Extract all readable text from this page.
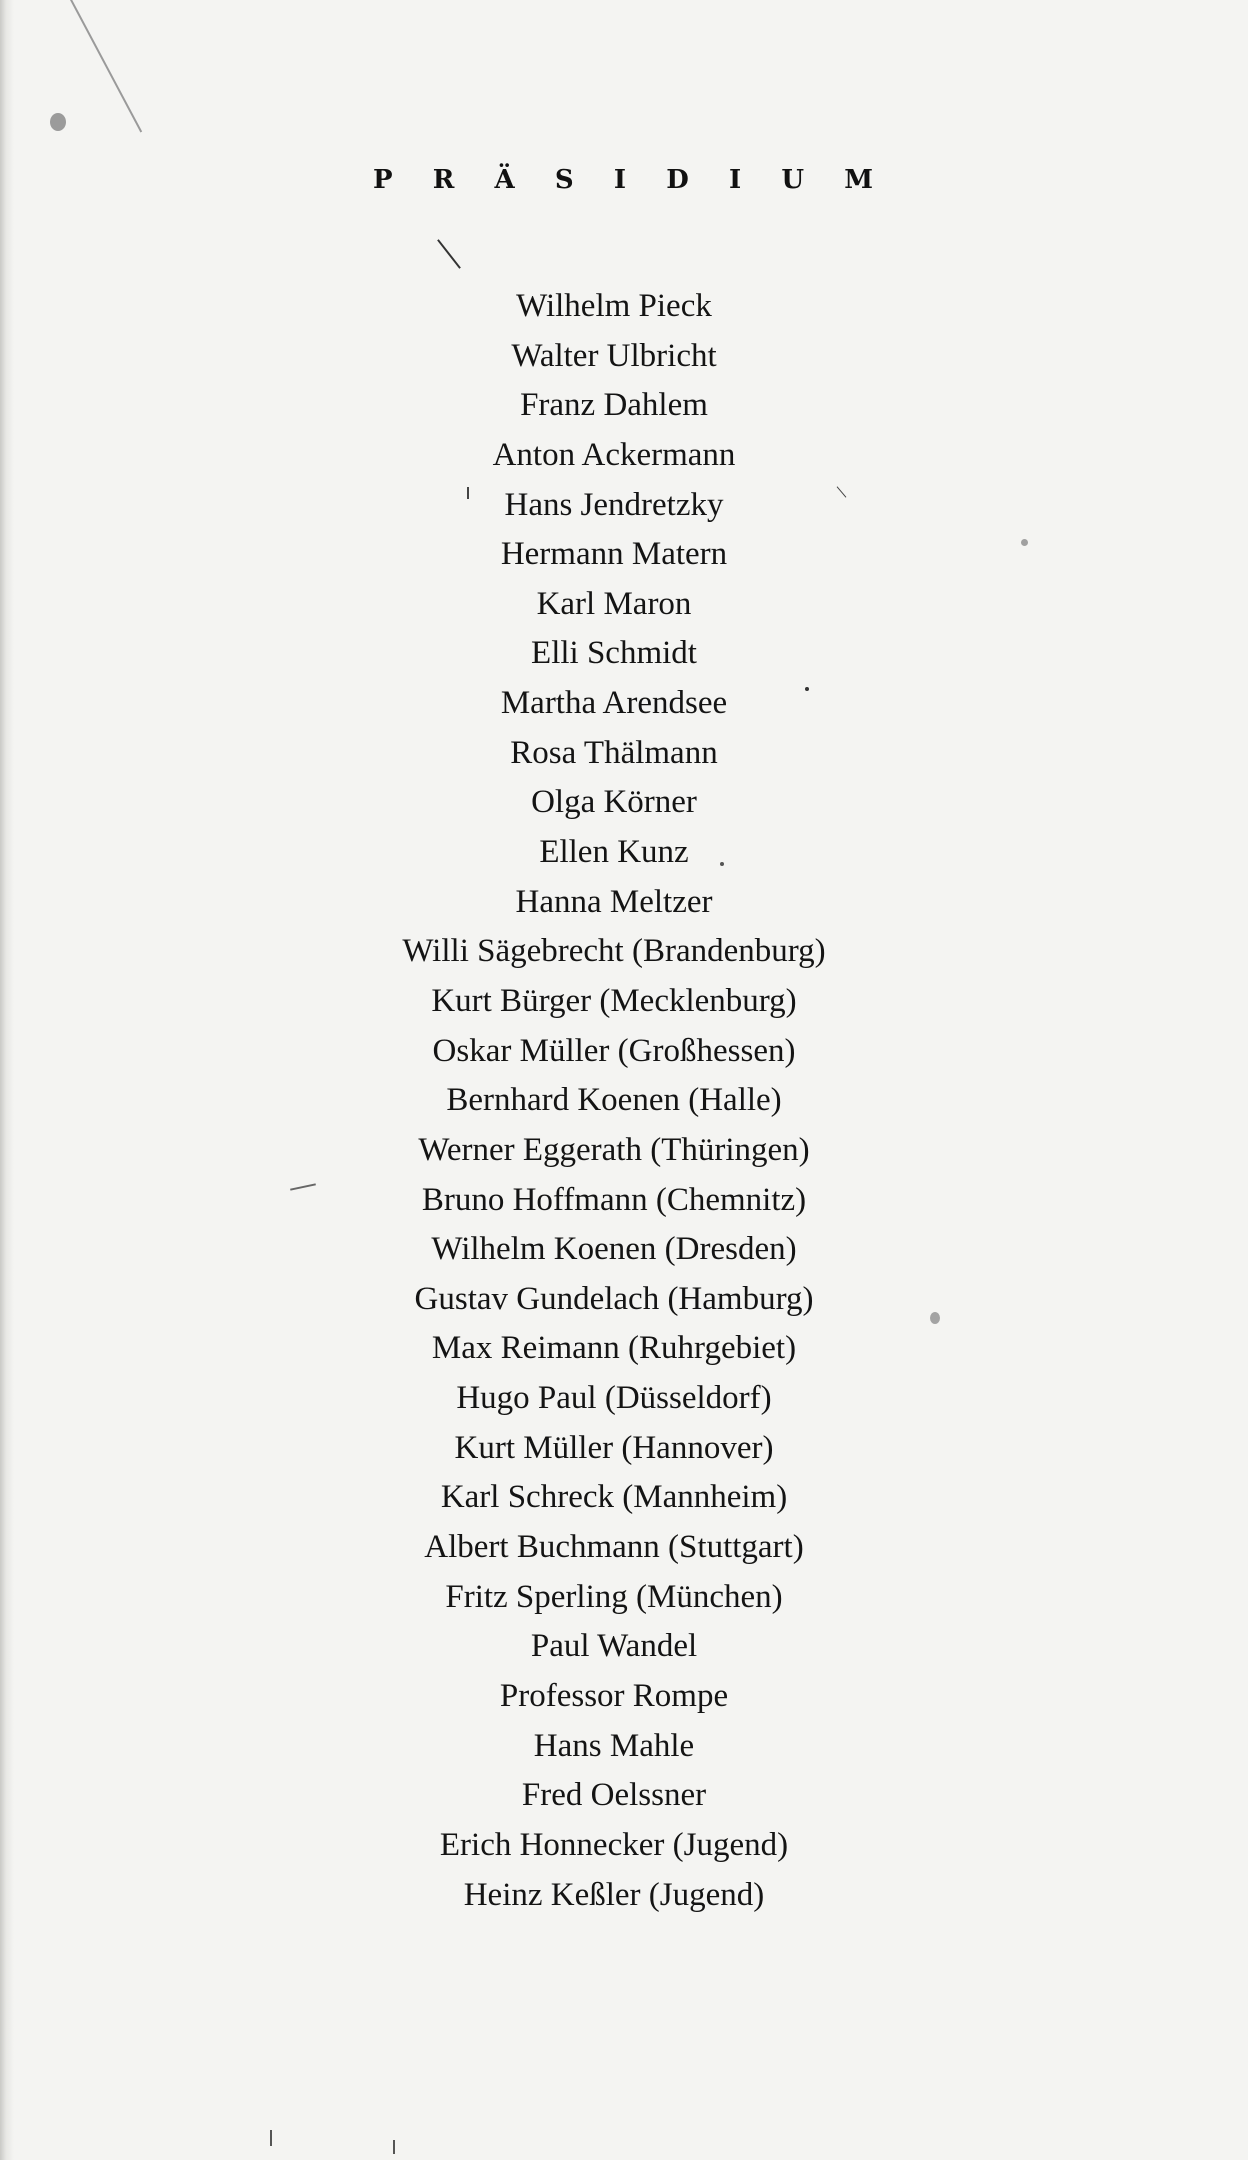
P R Ä S I D I U M
Wilhelm Pieck
Walter Ulbricht
Franz Dahlem
Anton Ackermann
Hans Jendretzky
Hermann Matern
Karl Maron
Elli Schmidt
Martha Arendsee
Rosa Thälmann
Olga Körner
Ellen Kunz
Hanna Meltzer
Willi Sägebrecht (Brandenburg)
Kurt Bürger (Mecklenburg)
Oskar Müller (Großhessen)
Bernhard Koenen (Halle)
Werner Eggerath (Thüringen)
Bruno Hoffmann (Chemnitz)
Wilhelm Koenen (Dresden)
Gustav Gundelach (Hamburg)
Max Reimann (Ruhrgebiet)
Hugo Paul (Düsseldorf)
Kurt Müller (Hannover)
Karl Schreck (Mannheim)
Albert Buchmann (Stuttgart)
Fritz Sperling (München)
Paul Wandel
Professor Rompe
Hans Mahle
Fred Oelssner
Erich Honnecker (Jugend)
Heinz Keßler (Jugend)
